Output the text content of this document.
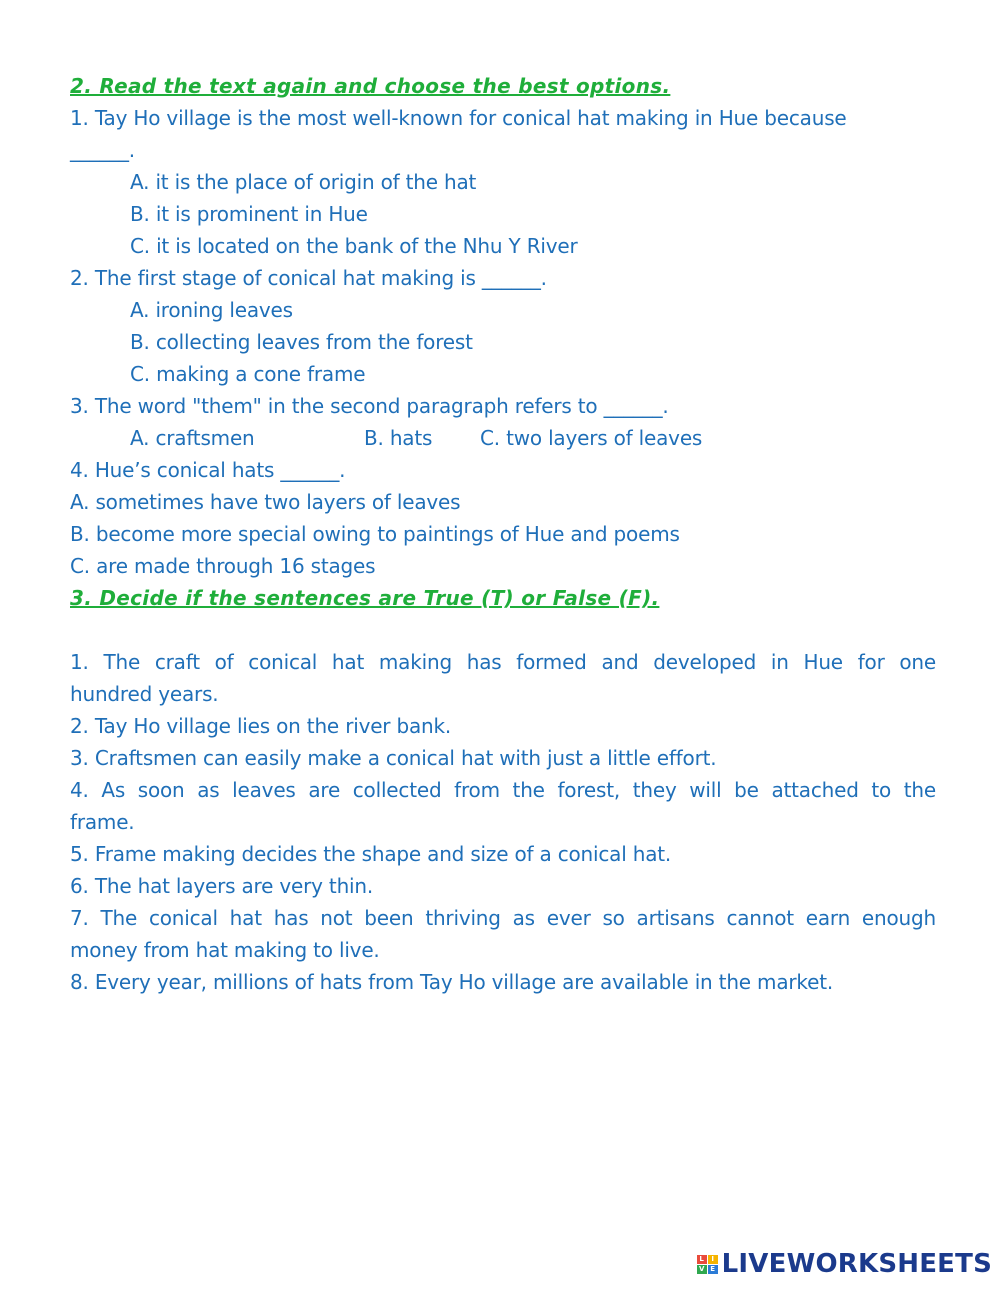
2. Read the text again and choose the best options.
1. Tay Ho village is the most well-known for conical hat making in Hue because
______.
A. it is the place of origin of the hat
B. it is prominent in Hue
C. it is located on the bank of the Nhu Y River
2. The first stage of conical hat making is ______.
A. ironing leaves
B. collecting leaves from the forest
C. making a cone frame
3. The word "them" in the second paragraph refers to ______.
A. craftsmen	B. hats	C. two layers of leaves
4. Hue’s conical hats ______.
A. sometimes have two layers of leaves
B. become more special owing to paintings of Hue and poems
C. are made through 16 stages
3. Decide if the sentences are True (T) or False (F).
1. The craft of conical hat making has formed and developed in Hue for one
hundred years.
2. Tay Ho village lies on the river bank.
3. Craftsmen can easily make a conical hat with just a little effort.
4. As soon as leaves are collected from the forest, they will be attached to the
frame.
5. Frame making decides the shape and size of a conical hat.
6. The hat layers are very thin.
7. The conical hat has not been thriving as ever so artisans cannot earn enough
money from hat making to live.
8. Every year, millions of hats from Tay Ho village are available in the market.
L	I
V E LIVEWORKSHEETS
